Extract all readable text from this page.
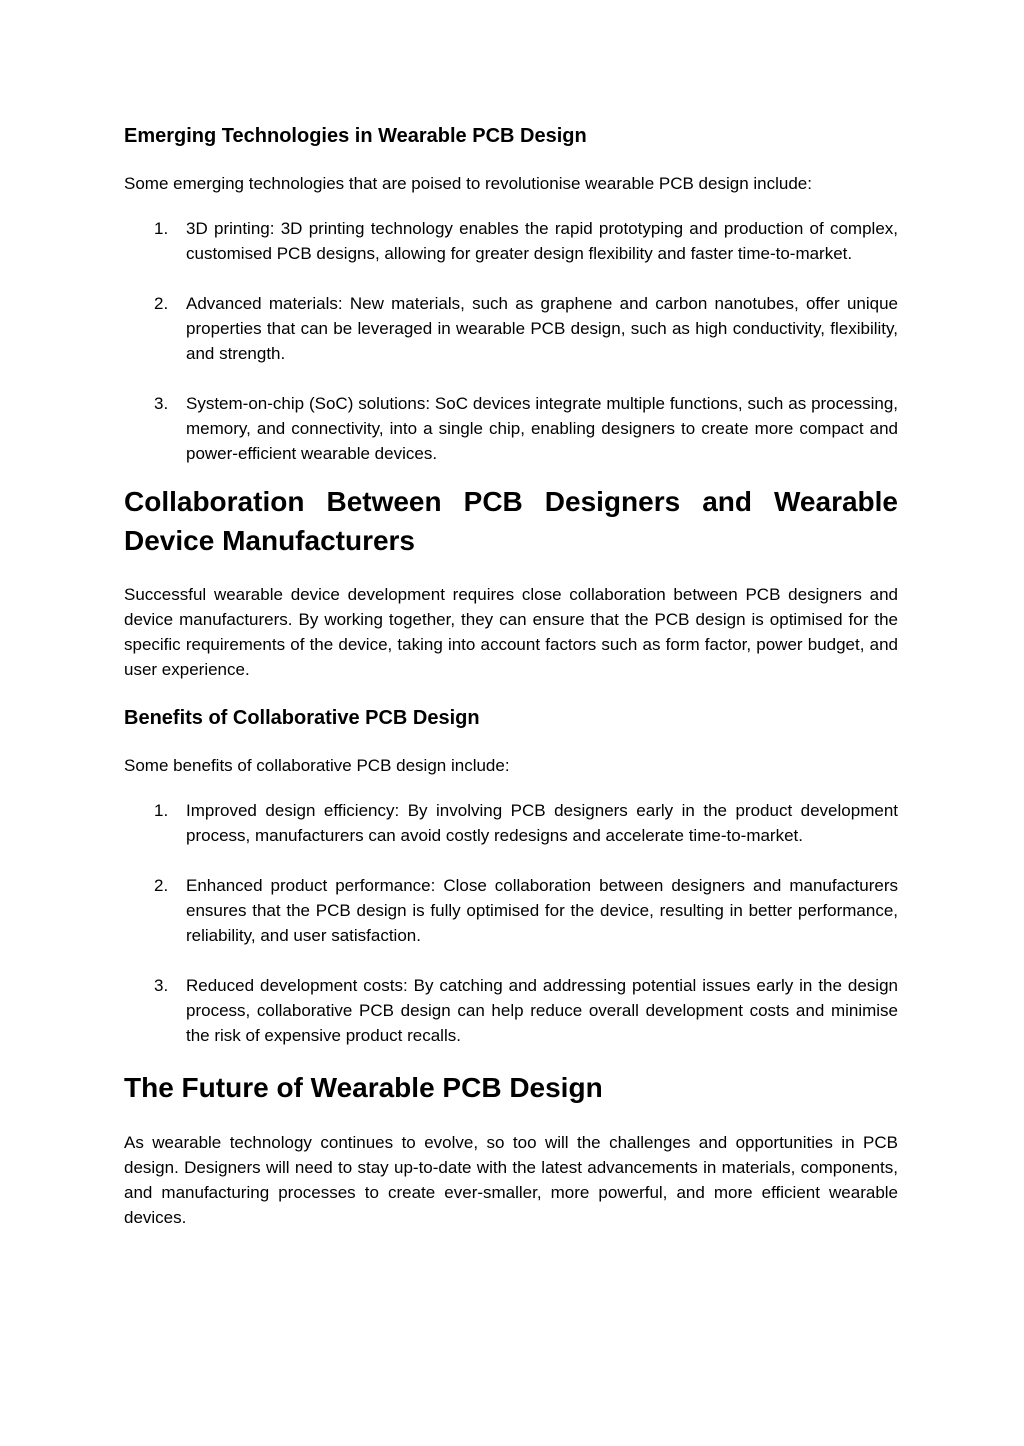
Emerging Technologies in Wearable PCB Design

Some emerging technologies that are poised to revolutionise wearable PCB design include:

1. 3D printing: 3D printing technology enables the rapid prototyping and production of complex, customised PCB designs, allowing for greater design flexibility and faster time-to-market.
2. Advanced materials: New materials, such as graphene and carbon nanotubes, offer unique properties that can be leveraged in wearable PCB design, such as high conductivity, flexibility, and strength.
3. System-on-chip (SoC) solutions: SoC devices integrate multiple functions, such as processing, memory, and connectivity, into a single chip, enabling designers to create more compact and power-efficient wearable devices.
Collaboration Between PCB Designers and Wearable Device Manufacturers

Successful wearable device development requires close collaboration between PCB designers and device manufacturers. By working together, they can ensure that the PCB design is optimised for the specific requirements of the device, taking into account factors such as form factor, power budget, and user experience.

Benefits of Collaborative PCB Design

Some benefits of collaborative PCB design include:

1. Improved design efficiency: By involving PCB designers early in the product development process, manufacturers can avoid costly redesigns and accelerate time-to-market.
2. Enhanced product performance: Close collaboration between designers and manufacturers ensures that the PCB design is fully optimised for the device, resulting in better performance, reliability, and user satisfaction.
3. Reduced development costs: By catching and addressing potential issues early in the design process, collaborative PCB design can help reduce overall development costs and minimise the risk of expensive product recalls.
The Future of Wearable PCB Design

As wearable technology continues to evolve, so too will the challenges and opportunities in PCB design. Designers will need to stay up-to-date with the latest advancements in materials, components, and manufacturing processes to create ever-smaller, more powerful, and more efficient wearable devices.
